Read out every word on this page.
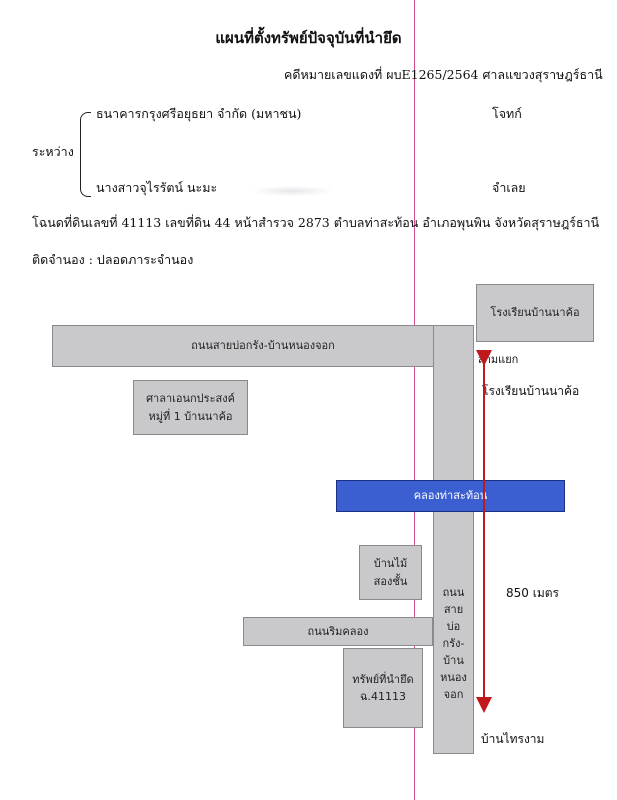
แผนที่ตั้งทรัพย์ปัจจุบันที่นำยึด
คดีหมายเลขแดงที่ ผบE1265/2564 ศาลแขวงสุราษฎร์ธานี
ระหว่าง
ธนาคารกรุงศรีอยุธยา จำกัด (มหาชน)	โจทก์
นางสาวจุไรรัตน์ นะมะ	จำเลย
โฉนดที่ดินเลขที่ 41113 เลขที่ดิน 44 หน้าสำรวจ 2873 ตำบลท่าสะท้อน อำเภอพุนพิน จังหวัดสุราษฎร์ธานี
ติดจำนอง : ปลอดภาระจำนอง
โรงเรียนบ้านนาค้อ
ถนนสายบ่อกรัง-บ้านหนองจอก
ถนน
สาย
บ่อ
กรัง-
บ้าน
หนอง
จอก
สามแยก
โรงเรียนบ้านนาค้อ
ศาลาเอนกประสงค์
หมู่ที่ 1 บ้านนาค้อ
คลองท่าสะท้อน
บ้านไม้
สองชั้น
850 เมตร
ถนนริมคลอง
ทรัพย์ที่นำยึด
ฉ.41113
บ้านไทรงาม
